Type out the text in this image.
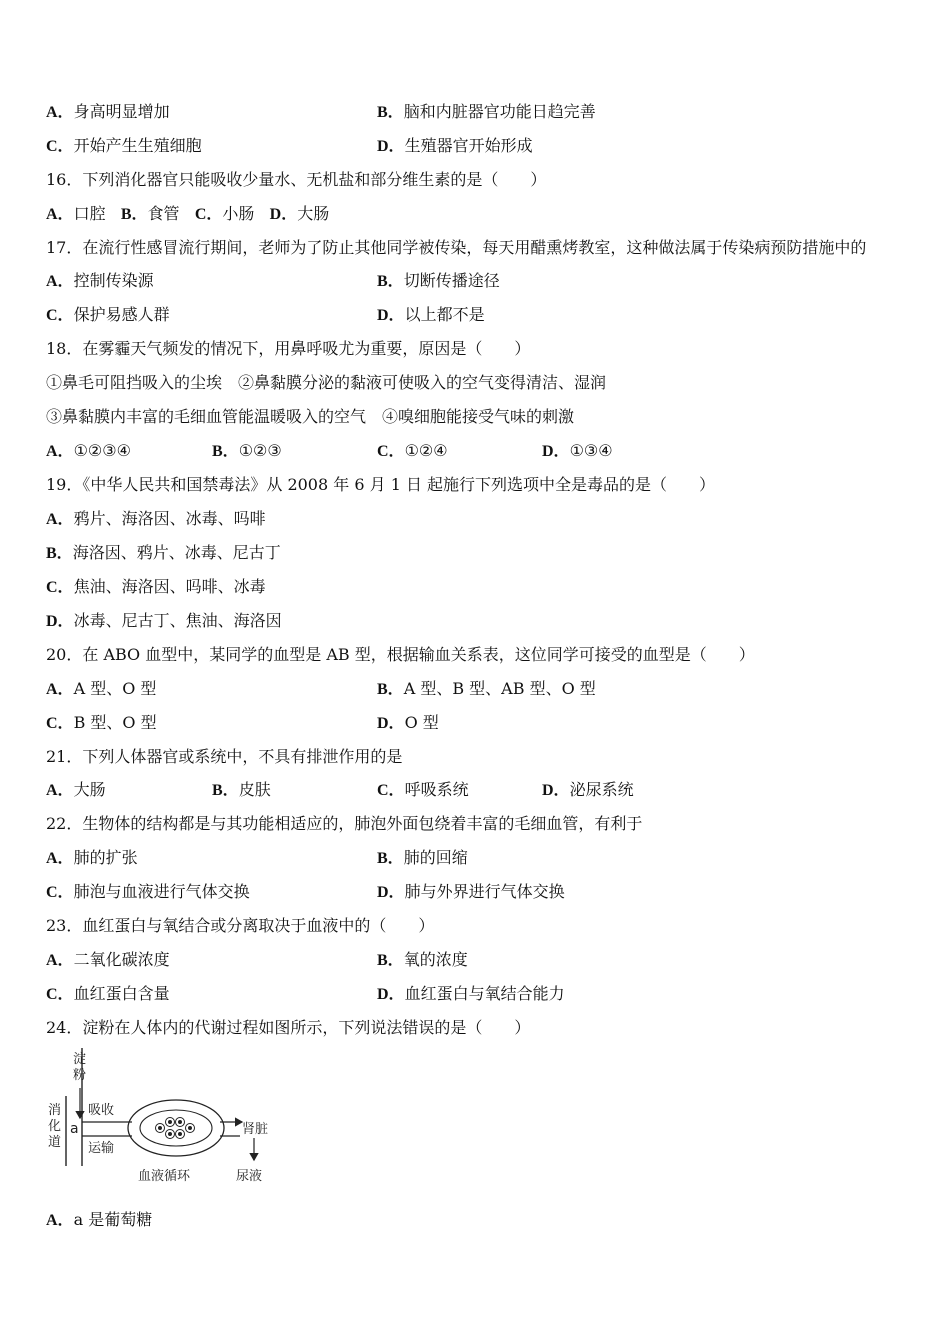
A．身高明显增加	B．脑和内脏器官功能日趋完善
C．开始产生生殖细胞	D．生殖器官开始形成
16．下列消化器官只能吸收少量水、无机盐和部分维生素的是（　　）
A．口腔 B．食管 C．小肠 D．大肠
17．在流行性感冒流行期间，老师为了防止其他同学被传染，每天用醋熏烤教室，这种做法属于传染病预防措施中的
A．控制传染源	B．切断传播途径
C．保护易感人群	D．以上都不是
18．在雾霾天气频发的情况下，用鼻呼吸尤为重要，原因是（　　）
①鼻毛可阻挡吸入的尘埃　②鼻黏膜分泌的黏液可使吸入的空气变得清洁、湿润
③鼻黏膜内丰富的毛细血管能温暖吸入的空气　④嗅细胞能接受气味的刺激
A．①②③④	B．①②③	C．①②④	D．①③④
19．《中华人民共和国禁毒法》从 2008 年 6 月 1 日 起施行下列选项中全是毒品的是（　　）
A．鸦片、海洛因、冰毒、吗啡
B．海洛因、鸦片、冰毒、尼古丁
C．焦油、海洛因、吗啡、冰毒
D．冰毒、尼古丁、焦油、海洛因
20．在 ABO 血型中，某同学的血型是 AB 型，根据输血关系表，这位同学可接受的血型是（　　）
A．A 型、O 型	B．A 型、B 型、AB 型、O 型
C．B 型、O 型	D．O 型
21．下列人体器官或系统中，不具有排泄作用的是
A．大肠	B．皮肤	C．呼吸系统	D．泌尿系统
22．生物体的结构都是与其功能相适应的，肺泡外面包绕着丰富的毛细血管，有利于
A．肺的扩张	B．肺的回缩
C．肺泡与血液进行气体交换	D．肺与外界进行气体交换
23．血红蛋白与氧结合或分离取决于血液中的（　　）
A．二氧化碳浓度	B．氧的浓度
C．血红蛋白含量	D．血红蛋白与氧结合能力
24．淀粉在人体内的代谢过程如图所示，下列说法错误的是（　　）
淀
粉
消
化
道
a
吸收
运输
肾脏
尿液
血液循环
A．a 是葡萄糖
